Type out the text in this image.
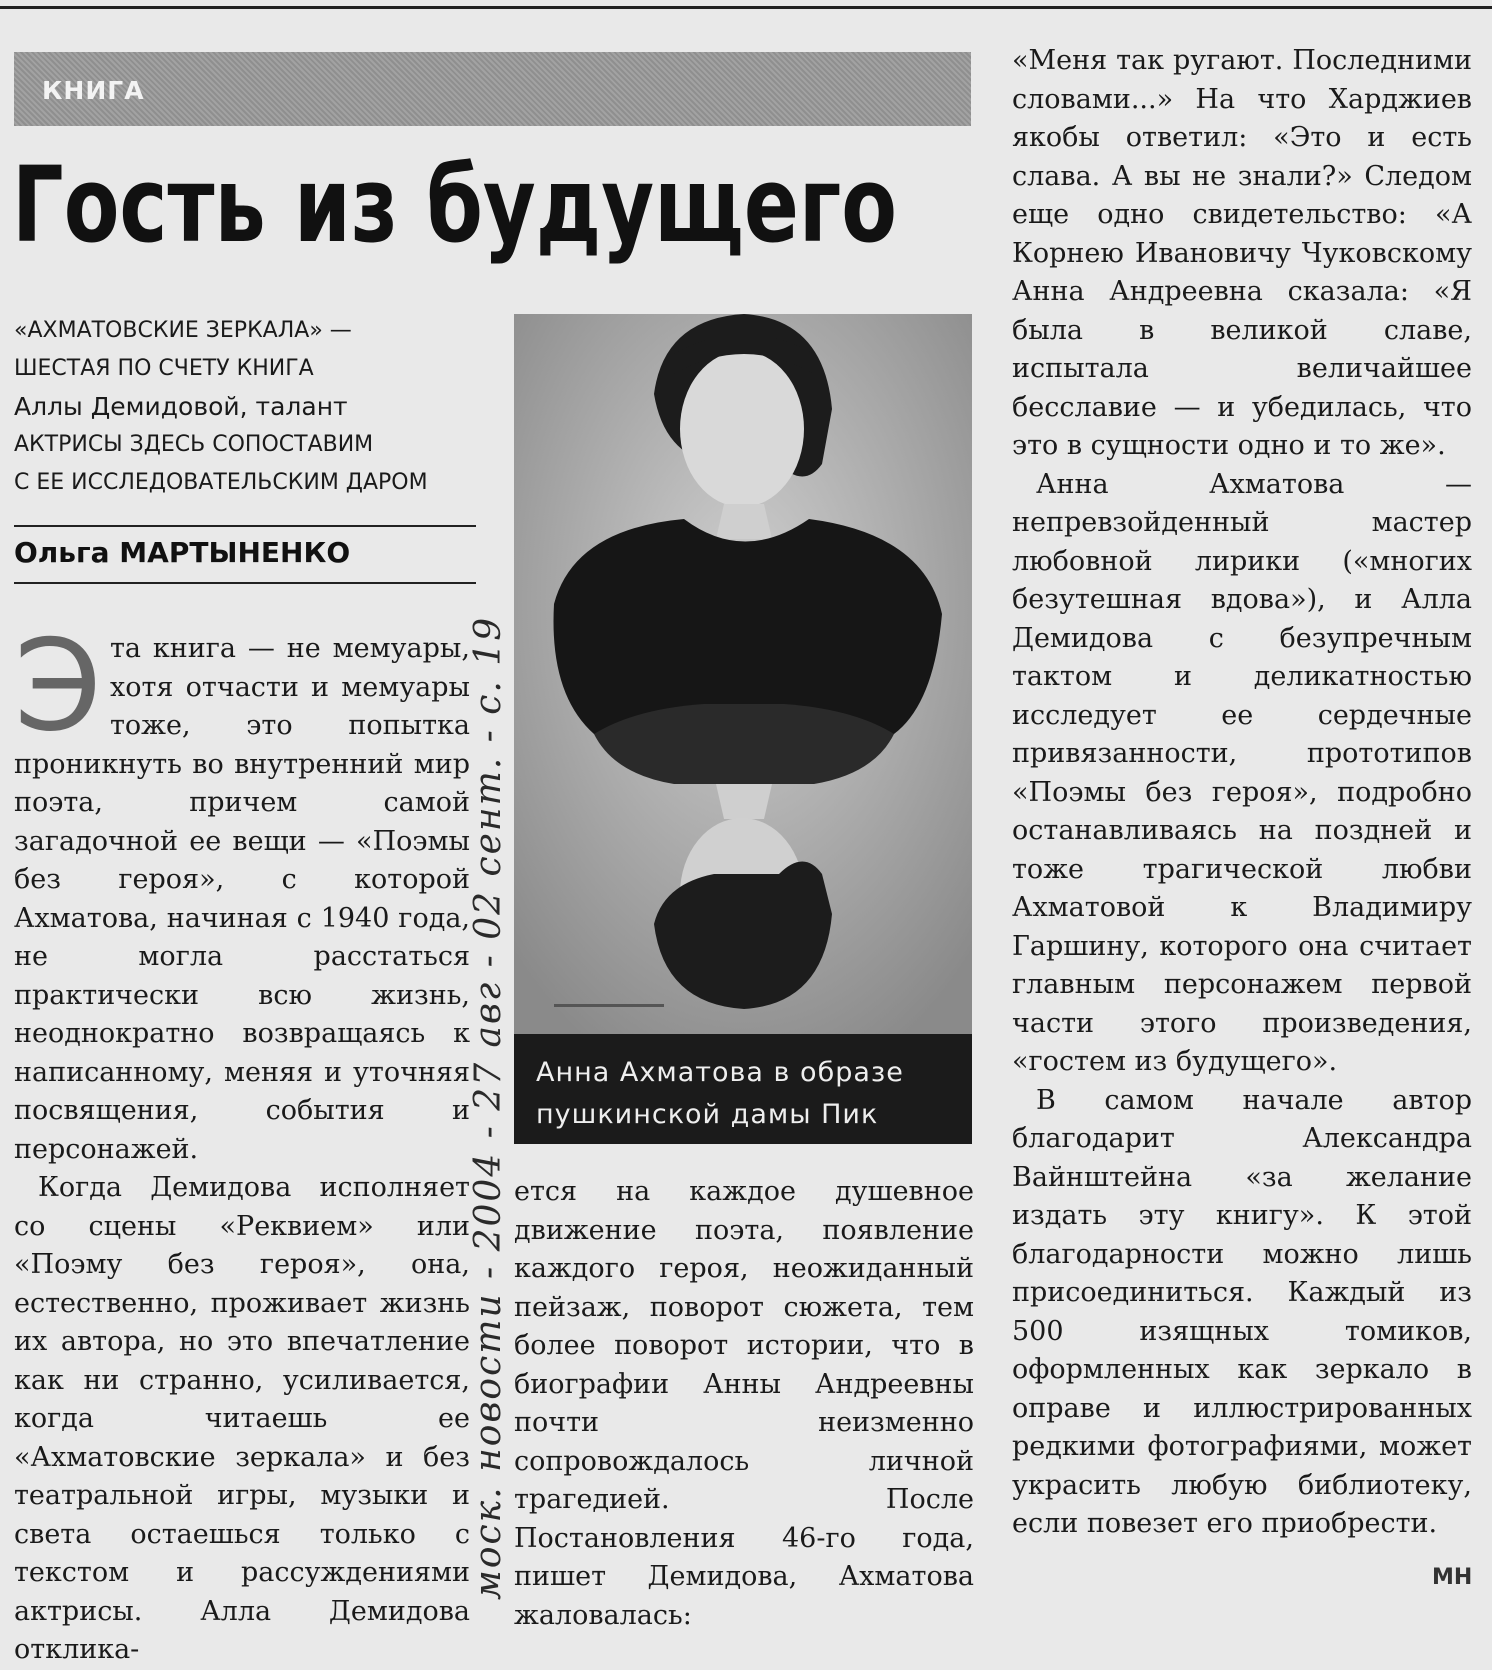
КНИГА
Гость из будущего
«АХМАТОВСКИЕ ЗЕРКАЛА» —
ШЕСТАЯ ПО СЧЕТУ КНИГА
Аллы Демидовой, талант
АКТРИСЫ ЗДЕСЬ СОПОСТАВИМ
С ЕЕ ИССЛЕДОВАТЕЛЬСКИМ ДАРОМ
Ольга МАРТЫНЕНКО

Эта книга — не мемуары, хотя отчасти и мемуары тоже, это попытка проникнуть во внутренний мир поэта, причем самой загадочной ее вещи — «Поэмы без героя», с которой Ахматова, начиная с 1940 года, не могла расстаться практически всю жизнь, неоднократно возвращаясь к написанному, меняя и уточняя посвящения, события и персонажей.

Когда Демидова исполняет со сцены «Реквием» или «Поэму без героя», она, естественно, проживает жизнь их автора, но это впечатление как ни странно, усиливается, когда читаешь ее «Ахматовские зеркала» и без театральной игры, музыки и света остаешься только с текстом и рассуждениями актрисы. Алла Демидова отклика-

Анна Ахматова в образе
пушкинской дамы Пик

ется на каждое душевное движение поэта, появление каждого героя, неожиданный пейзаж, поворот сюжета, тем более поворот истории, что в биографии Анны Андреевны почти неизменно сопровождалось личной трагедией. После Постановления 46-го года, пишет Демидова, Ахматова жаловалась:

«Меня так ругают. Последними словами...» На что Харджиев якобы ответил: «Это и есть слава. А вы не знали?» Следом еще одно свидетельство: «А Корнею Ивановичу Чуковскому Анна Андреевна сказала: «Я была в великой славе, испытала величайшее бесславие — и убедилась, что это в сущности одно и то же».

Анна Ахматова — непревзойденный мастер любовной лирики («многих безутешная вдова»), и Алла Демидова с безупречным тактом и деликатностью исследует ее сердечные привязанности, прототипов «Поэмы без героя», подробно останавливаясь на поздней и тоже трагической любви Ахматовой к Владимиру Гаршину, которого она считает главным персонажем первой части этого произведения, «гостем из будущего».

В самом начале автор благодарит Александра Вайнштейна «за желание издать эту книгу». К этой благодарности можно лишь присоединиться. Каждый из 500 изящных томиков, оформленных как зеркало в оправе и иллюстрированных редкими фотографиями, может украсить любую библиотеку, если повезет его приобрести.

моск. новости - 2004 - 27 авг - 02 сент. - с. 19	МН
